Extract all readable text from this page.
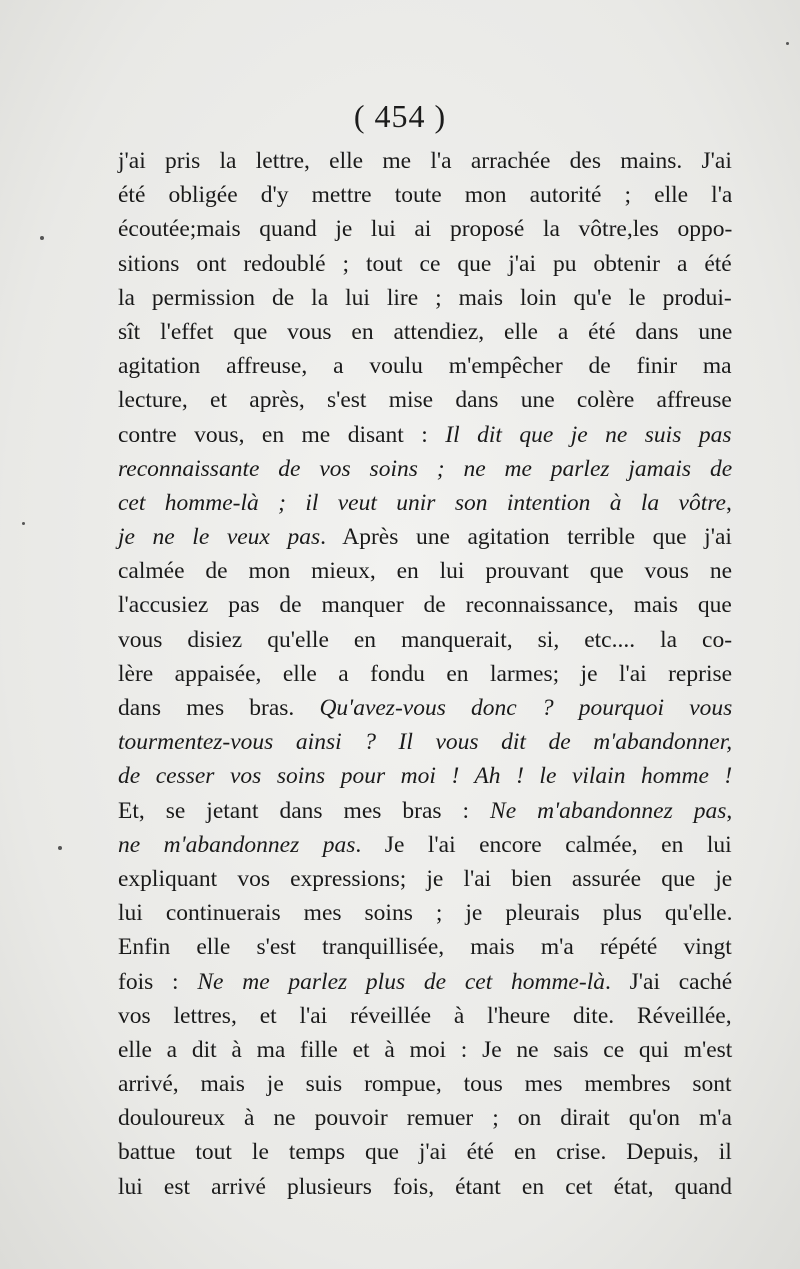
( 454 )
j'ai pris la lettre, elle me l'a arrachée des mains. J'ai
été obligée d'y mettre toute mon autorité ; elle l'a
écoutée;mais quand je lui ai proposé la vôtre,les oppo-
sitions ont redoublé ; tout ce que j'ai pu obtenir a été
la permission de la lui lire ; mais loin qu'e le produi-
sît l'effet que vous en attendiez, elle a été dans une
agitation affreuse, a voulu m'empêcher de finir ma
lecture, et après, s'est mise dans une colère affreuse
contre vous, en me disant : Il dit que je ne suis pas
reconnaissante de vos soins ; ne me parlez jamais de
cet homme-là ; il veut unir son intention à la vôtre,
je ne le veux pas. Après une agitation terrible que j'ai
calmée de mon mieux, en lui prouvant que vous ne
l'accusiez pas de manquer de reconnaissance, mais que
vous disiez qu'elle en manquerait, si, etc.... la co-
lère appaisée, elle a fondu en larmes; je l'ai reprise
dans mes bras. Qu'avez-vous donc ? pourquoi vous
tourmentez-vous ainsi ? Il vous dit de m'abandonner,
de cesser vos soins pour moi ! Ah ! le vilain homme !
Et, se jetant dans mes bras : Ne m'abandonnez pas,
ne m'abandonnez pas. Je l'ai encore calmée, en lui
expliquant vos expressions; je l'ai bien assurée que je
lui continuerais mes soins ; je pleurais plus qu'elle.
Enfin elle s'est tranquillisée, mais m'a répété vingt
fois : Ne me parlez plus de cet homme-là. J'ai caché
vos lettres, et l'ai réveillée à l'heure dite. Réveillée,
elle a dit à ma fille et à moi : Je ne sais ce qui m'est
arrivé, mais je suis rompue, tous mes membres sont
douloureux à ne pouvoir remuer ; on dirait qu'on m'a
battue tout le temps que j'ai été en crise. Depuis, il
lui est arrivé plusieurs fois, étant en cet état, quand
